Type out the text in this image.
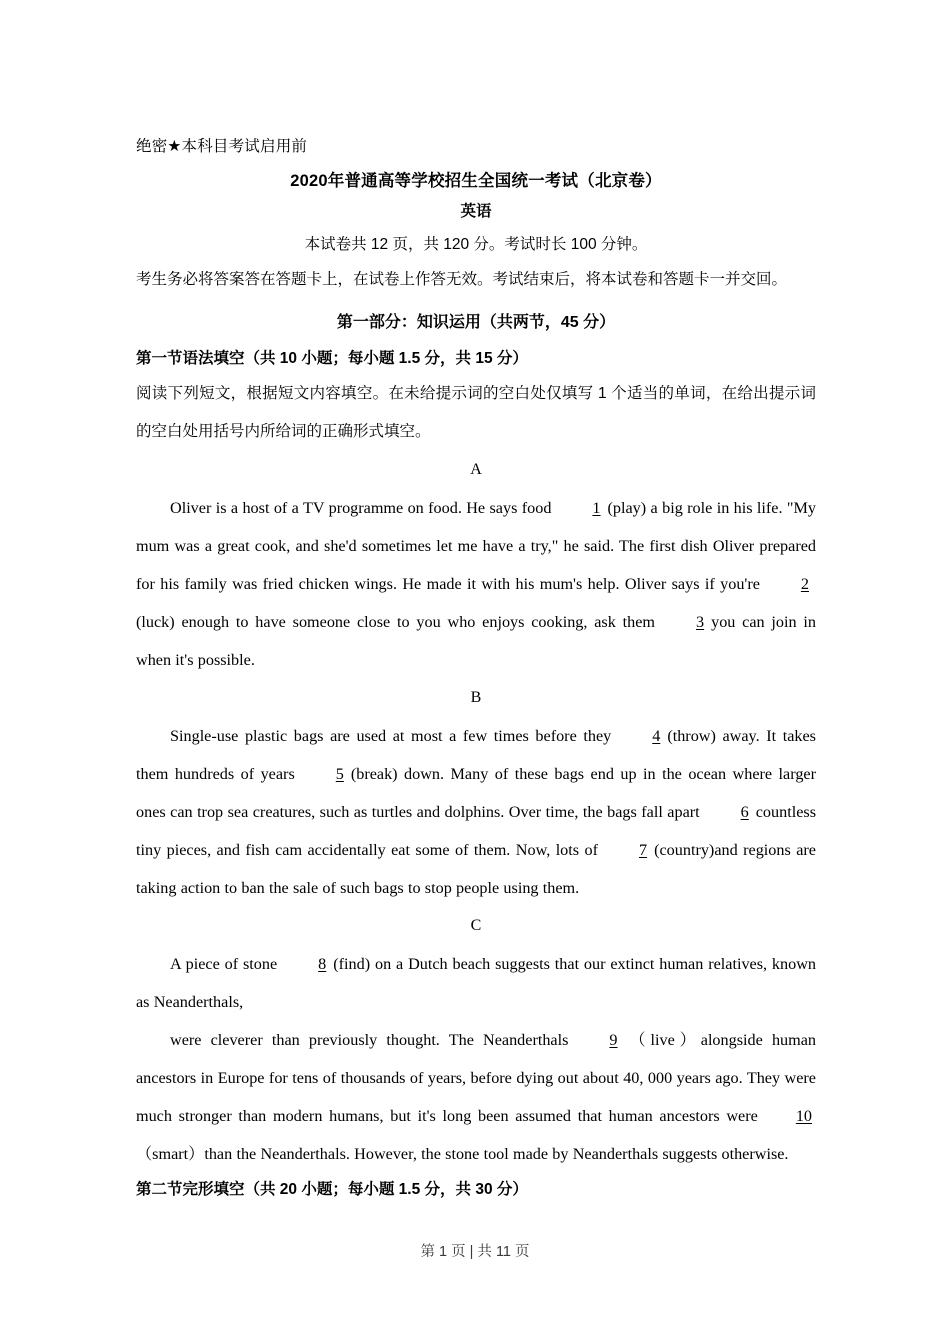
绝密★本科目考试启用前

2020年普通高等学校招生全国统一考试（北京卷）

英语

本试卷共 12 页，共 120 分。考试时长 100 分钟。

考生务必将答案答在答题卡上，在试卷上作答无效。考试结束后，将本试卷和答题卡一并交回。

第一部分：知识运用（共两节，45 分）

第一节语法填空（共 10 小题；每小题 1.5 分，共 15 分）

阅读下列短文，根据短文内容填空。在未给提示词的空白处仅填写 1 个适当的单词，在给出提示词的空白处用括号内所给词的正确形式填空。

A

Oliver is a host of a TV programme on food. He says food	1 (play) a big role in his life. "My mum was a great cook, and she'd sometimes let me have a try," he said. The first dish Oliver prepared for his family was fried chicken wings. He made it with his mum's help. Oliver says if you're	2(luck) enough to have someone close to you who enjoys cooking, ask them	3 you can join in when it's possible.

B

Single-use plastic bags are used at most a few times before they	4 (throw) away. It takes them hundreds of years	5 (break) down. Many of these bags end up in the ocean where larger ones can trop sea creatures, such as turtles and dolphins. Over time, the bags fall apart	6 countless tiny pieces, and fish cam accidentally eat some of them. Now, lots of	7 (country)and regions are taking action to ban the sale of such bags to stop people using them.

C

A piece of stone	8 (find) on a Dutch beach suggests that our extinct human relatives, known as Neanderthals,

were cleverer than previously thought. The Neanderthals	9 （live）alongside human ancestors in Europe for tens of thousands of years, before dying out about 40, 000 years ago. They were much stronger than modern humans, but it's long been assumed that human ancestors were 10（smart）than the Neanderthals. However, the stone tool made by Neanderthals suggests otherwise.

第二节完形填空（共 20 小题；每小题 1.5 分，共 30 分）

第 1 页 | 共 11 页
